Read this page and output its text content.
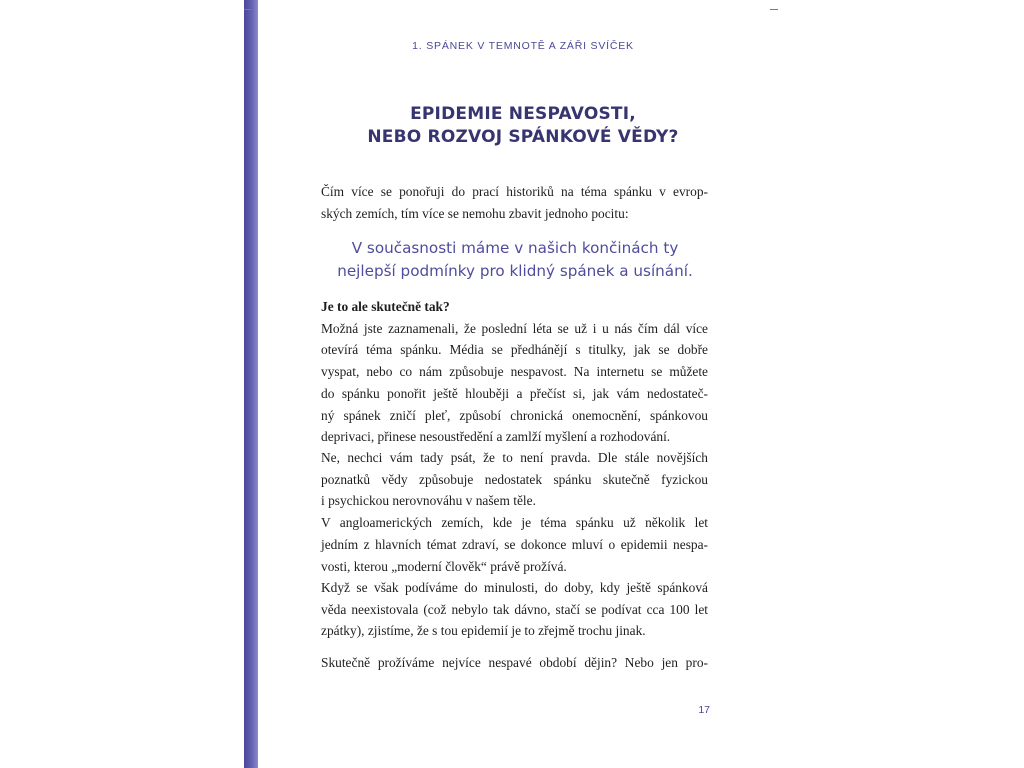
1. SPÁNEK V TEMNOTĚ A ZÁŘI SVÍČEK
EPIDEMIE NESPAVOSTI,
NEBO ROZVOJ SPÁNKOVÉ VĚDY?

Čím více se ponořuji do prací historiků na téma spánku v evrop-
ských zemích, tím více se nemohu zbavit jednoho pocitu:

V současnosti máme v našich končinách ty
nejlepší podmínky pro klidný spánek a usínání.

Je to ale skutečně tak?
Možná jste zaznamenali, že poslední léta se už i u nás čím dál více
otevírá téma spánku. Média se předhánějí s titulky, jak se dobře
vyspat, nebo co nám způsobuje nespavost. Na internetu se můžete
do spánku ponořit ještě hlouběji a přečíst si, jak vám nedostateč-
ný spánek zničí pleť, způsobí chronická onemocnění, spánkovou
deprivaci, přinese nesoustředění a zamlží myšlení a rozhodování.

Ne, nechci vám tady psát, že to není pravda. Dle stále novějších
poznatků vědy způsobuje nedostatek spánku skutečně fyzickou
i psychickou nerovnováhu v našem těle.
V angloamerických zemích, kde je téma spánku už několik let
jedním z hlavních témat zdraví, se dokonce mluví o epidemii nespa-
vosti, kterou „moderní člověk“ právě prožívá.

Když se však podíváme do minulosti, do doby, kdy ještě spánková
věda neexistovala (což nebylo tak dávno, stačí se podívat cca 100 let
zpátky), zjistíme, že s tou epidemií je to zřejmě trochu jinak.

Skutečně prožíváme nejvíce nespavé období dějin? Nebo jen pro-

17
